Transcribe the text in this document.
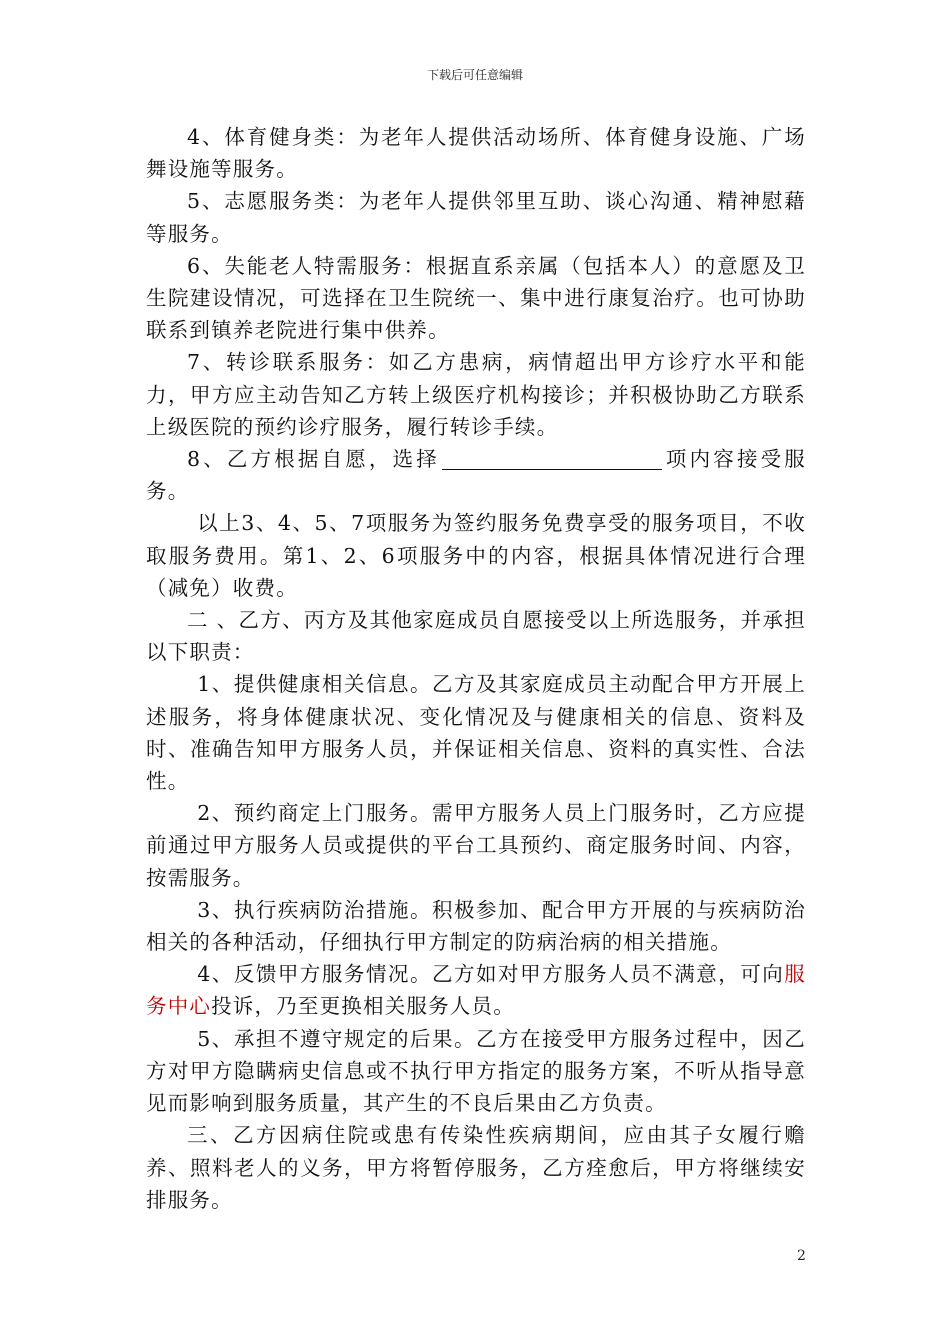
下载后可任意编辑

4、体育健身类：为老年人提供活动场所、体育健身设施、广场舞设施等服务。

5、志愿服务类：为老年人提供邻里互助、谈心沟通、精神慰藉等服务。

6、失能老人特需服务：根据直系亲属（包括本人）的意愿及卫生院建设情况，可选择在卫生院统一、集中进行康复治疗。也可协助联系到镇养老院进行集中供养。

7、转诊联系服务：如乙方患病，病情超出甲方诊疗水平和能力，甲方应主动告知乙方转上级医疗机构接诊；并积极协助乙方联系上级医院的预约诊疗服务，履行转诊手续。

8、乙方根据自愿，选择	项内容接受服务。

以上3、4、5、7项服务为签约服务免费享受的服务项目，不收取服务费用。第1、2、6项服务中的内容，根据具体情况进行合理（减免）收费。

二 、乙方、丙方及其他家庭成员自愿接受以上所选服务，并承担以下职责：

1、提供健康相关信息。乙方及其家庭成员主动配合甲方开展上述服务，将身体健康状况、变化情况及与健康相关的信息、资料及时、准确告知甲方服务人员，并保证相关信息、资料的真实性、合法性。

2、预约商定上门服务。需甲方服务人员上门服务时，乙方应提前通过甲方服务人员或提供的平台工具预约、商定服务时间、内容，按需服务。

3、执行疾病防治措施。积极参加、配合甲方开展的与疾病防治相关的各种活动，仔细执行甲方制定的防病治病的相关措施。

4、反馈甲方服务情况。乙方如对甲方服务人员不满意，可向服务中心投诉，乃至更换相关服务人员。

5、承担不遵守规定的后果。乙方在接受甲方服务过程中，因乙方对甲方隐瞒病史信息或不执行甲方指定的服务方案，不听从指导意见而影响到服务质量，其产生的不良后果由乙方负责。

三、乙方因病住院或患有传染性疾病期间，应由其子女履行赡养、照料老人的义务，甲方将暂停服务，乙方痊愈后，甲方将继续安排服务。

2
